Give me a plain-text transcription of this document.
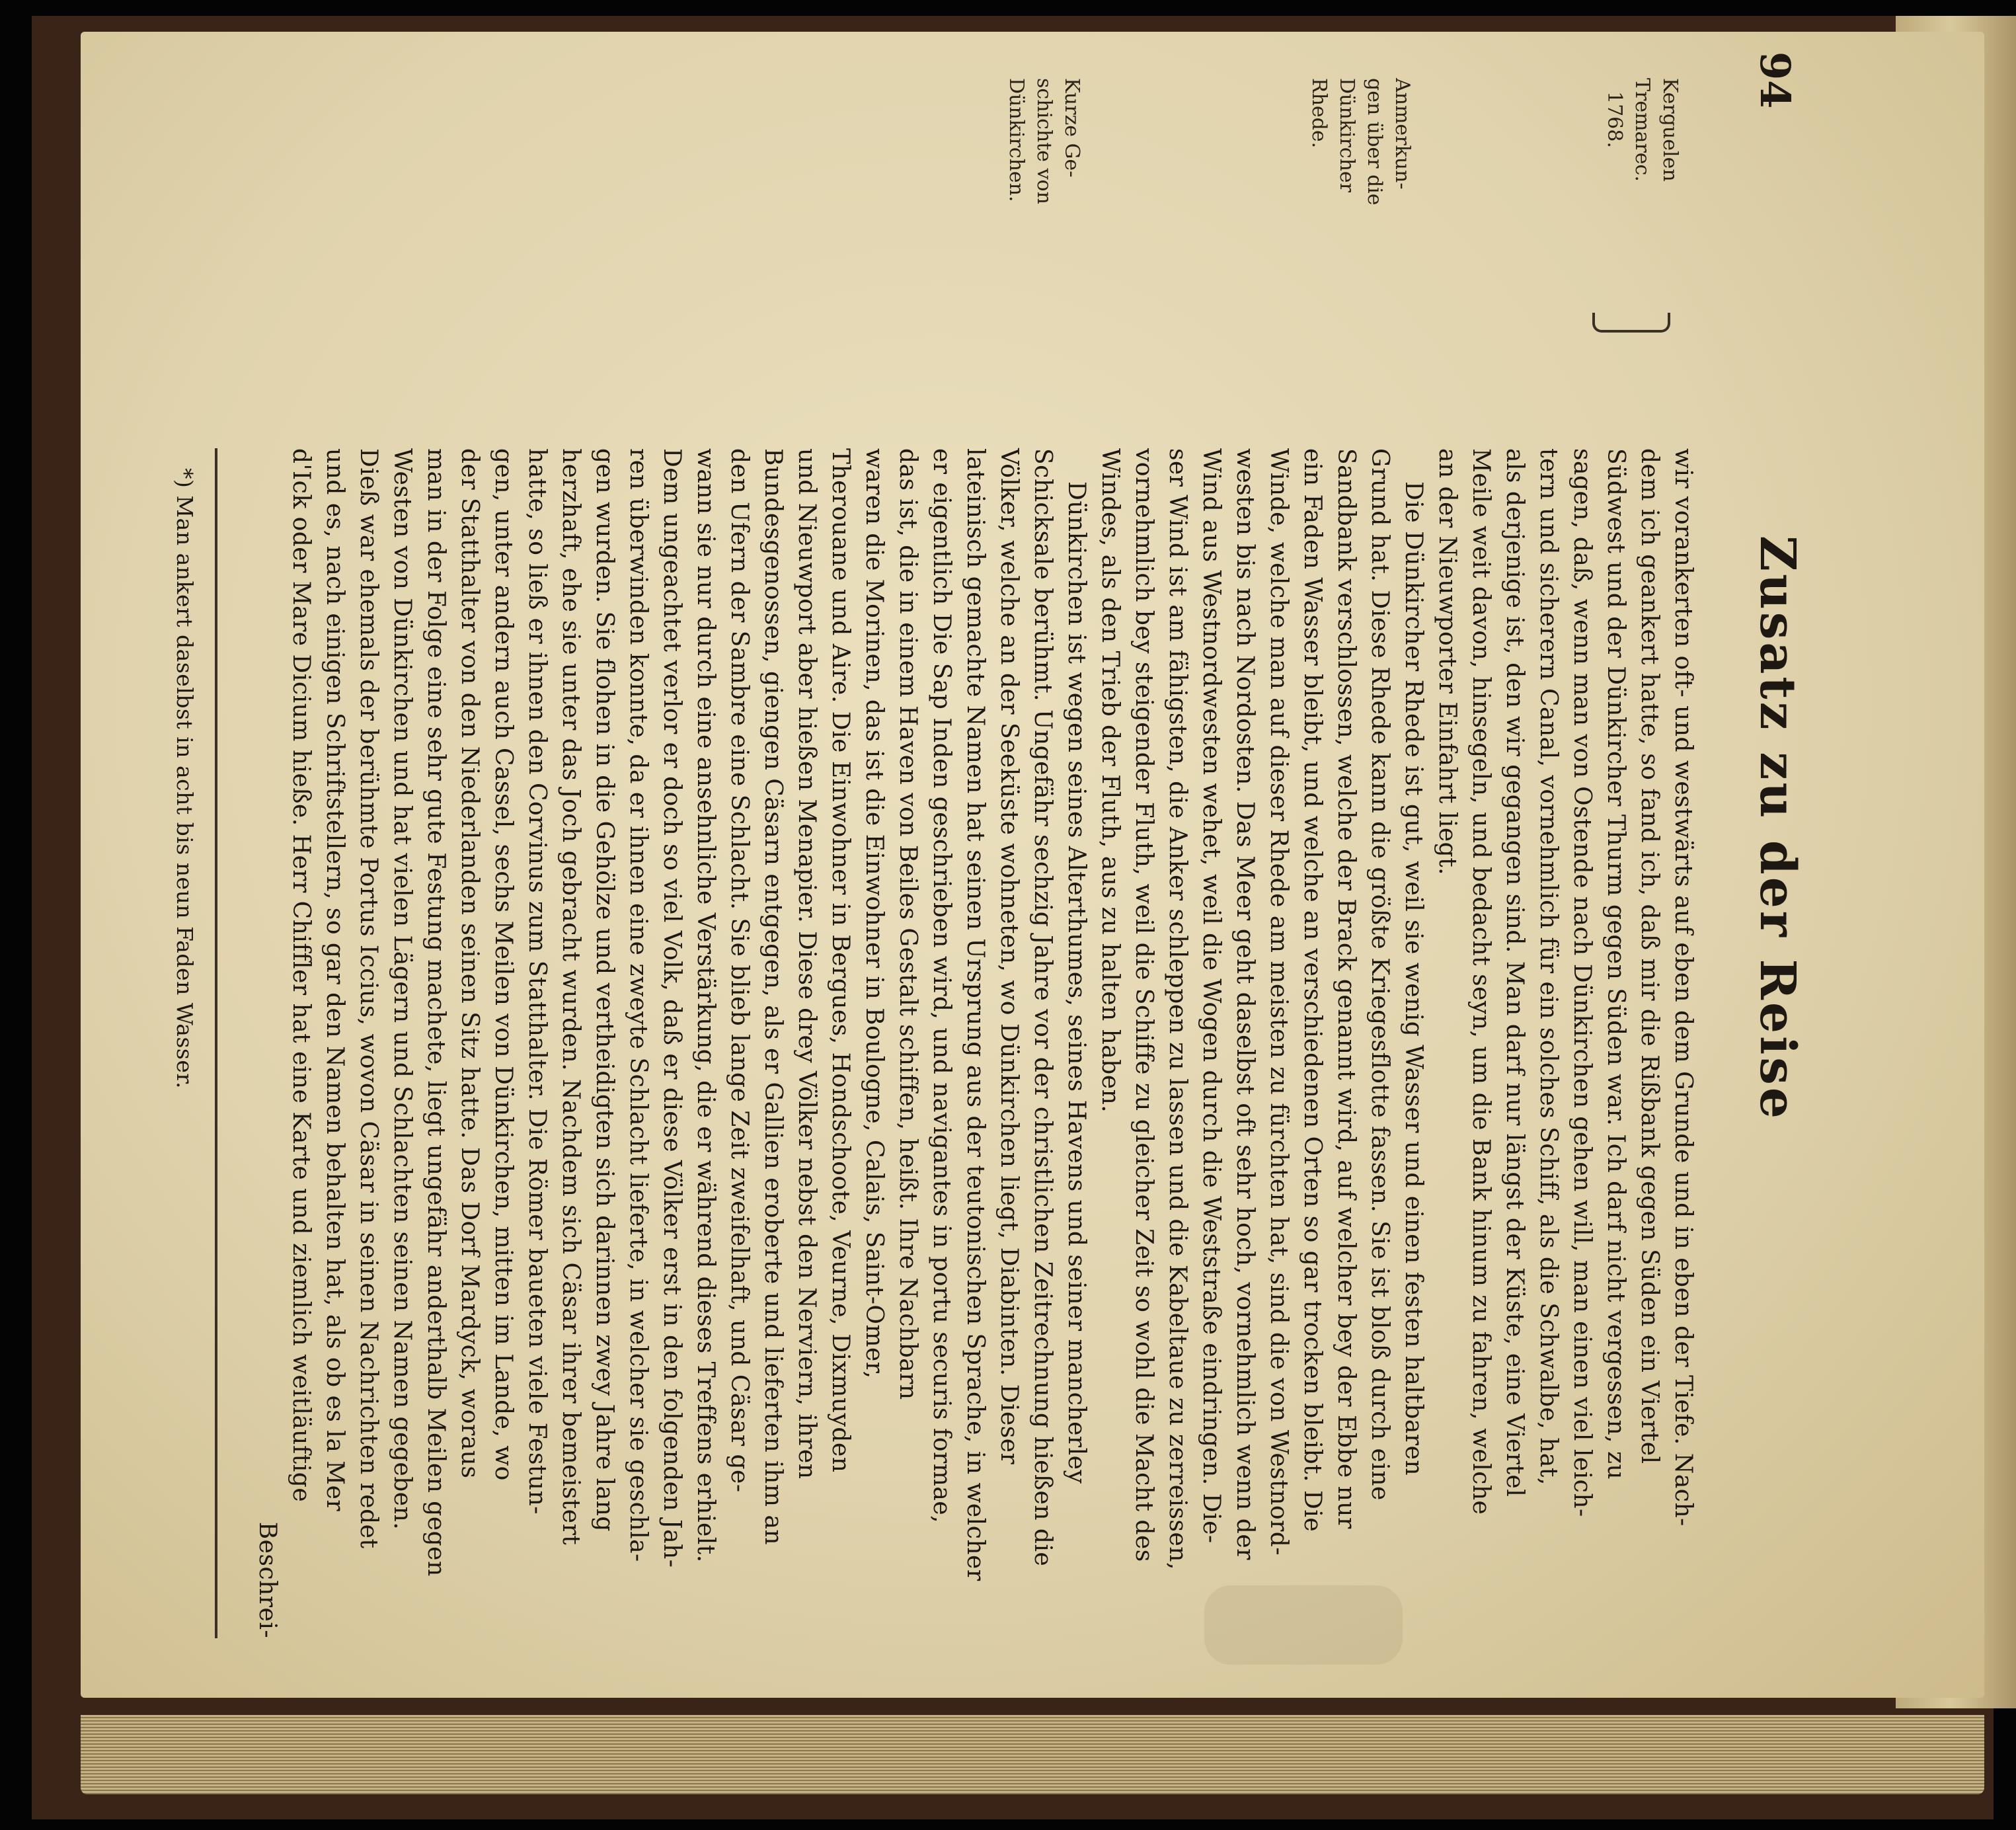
94
Zusatz zu der Reise
Kerguelen
Tremarec.
1768.
Anmerkun-
gen über die
Dünkircher
Rhede.
Kurze Ge-
schichte von
Dünkirchen.
wir vorankerten oft- und westwärts auf eben dem Grunde und in eben der Tiefe. Nach-
dem ich geankert hatte, so fand ich, daß mir die Rißbank gegen Süden ein Viertel
Südwest und der Dünkircher Thurm gegen Süden war. Ich darf nicht vergessen, zu
sagen, daß, wenn man von Ostende nach Dünkirchen gehen will, man einen viel leich-
tern und sicherern Canal, vornehmlich für ein solches Schiff, als die Schwalbe, hat,
als derjenige ist, den wir gegangen sind. Man darf nur längst der Küste, eine Viertel
Meile weit davon, hinsegeln, und bedacht seyn, um die Bank hinum zu fahren, welche
an der Nieuwporter Einfahrt liegt.
Die Dünkircher Rhede ist gut, weil sie wenig Wasser und einen festen haltbaren
Grund hat. Diese Rhede kann die größte Kriegesflotte fassen. Sie ist bloß durch eine
Sandbank verschlossen, welche der Brack genannt wird, auf welcher bey der Ebbe nur
ein Faden Wasser bleibt, und welche an verschiedenen Orten so gar trocken bleibt. Die
Winde, welche man auf dieser Rhede am meisten zu fürchten hat, sind die von Westnord-
westen bis nach Nordosten. Das Meer geht daselbst oft sehr hoch, vornehmlich wenn der
Wind aus Westnordwesten wehet, weil die Wogen durch die Weststraße eindringen. Die-
ser Wind ist am fähigsten, die Anker schleppen zu lassen und die Kabeltaue zu zerreissen,
vornehmlich bey steigender Fluth, weil die Schiffe zu gleicher Zeit so wohl die Macht des
Windes, als den Trieb der Fluth, aus zu halten haben.
Dünkirchen ist wegen seines Alterthumes, seines Havens und seiner mancherley
Schicksale berühmt. Ungefähr sechzig Jahre vor der christlichen Zeitrechnung hießen die
Völker, welche an der Seeküste wohneten, wo Dünkirchen liegt, Diabinten. Dieser
lateinisch gemachte Namen hat seinen Ursprung aus der teutonischen Sprache, in welcher
er eigentlich Die Sap Inden geschrieben wird, und navigantes in portu securis formae,
das ist, die in einem Haven von Beiles Gestalt schiffen, heißt. Ihre Nachbarn
waren die Morinen, das ist die Einwohner in Boulogne, Calais, Saint-Omer,
Therouane und Aire. Die Einwohner in Bergues, Hondschoote, Veurne, Dixmuyden
und Nieuwport aber hießen Menapier. Diese drey Völker nebst den Nerviern, ihren
Bundesgenossen, giengen Cäsarn entgegen, als er Gallien eroberte und lieferten ihm an
den Ufern der Sambre eine Schlacht. Sie blieb lange Zeit zweifelhaft, und Cäsar ge-
wann sie nur durch eine ansehnliche Verstärkung, die er während dieses Treffens erhielt.
Dem ungeachtet verlor er doch so viel Volk, daß er diese Völker erst in den folgenden Jah-
ren überwinden konnte, da er ihnen eine zweyte Schlacht lieferte, in welcher sie geschla-
gen wurden. Sie flohen in die Gehölze und vertheidigten sich darinnen zwey Jahre lang
herzhaft, ehe sie unter das Joch gebracht wurden. Nachdem sich Cäsar ihrer bemeistert
hatte, so ließ er ihnen den Corvinus zum Statthalter. Die Römer baueten viele Festun-
gen, unter andern auch Cassel, sechs Meilen von Dünkirchen, mitten im Lande, wo
der Statthalter von den Niederlanden seinen Sitz hatte. Das Dorf Mardyck, woraus
man in der Folge eine sehr gute Festung machete, liegt ungefähr anderthalb Meilen gegen
Westen von Dünkirchen und hat vielen Lägern und Schlachten seinen Namen gegeben.
Dieß war ehemals der berühmte Portus Iccius, wovon Cäsar in seinen Nachrichten redet
und es, nach einigen Schriftstellern, so gar den Namen behalten hat, als ob es la Mer
d'Ick oder Mare Dicium hieße. Herr Chiffler hat eine Karte und ziemlich weitläuftige
Beschrei-
*) Man ankert daselbst in acht bis neun Faden Wasser.
